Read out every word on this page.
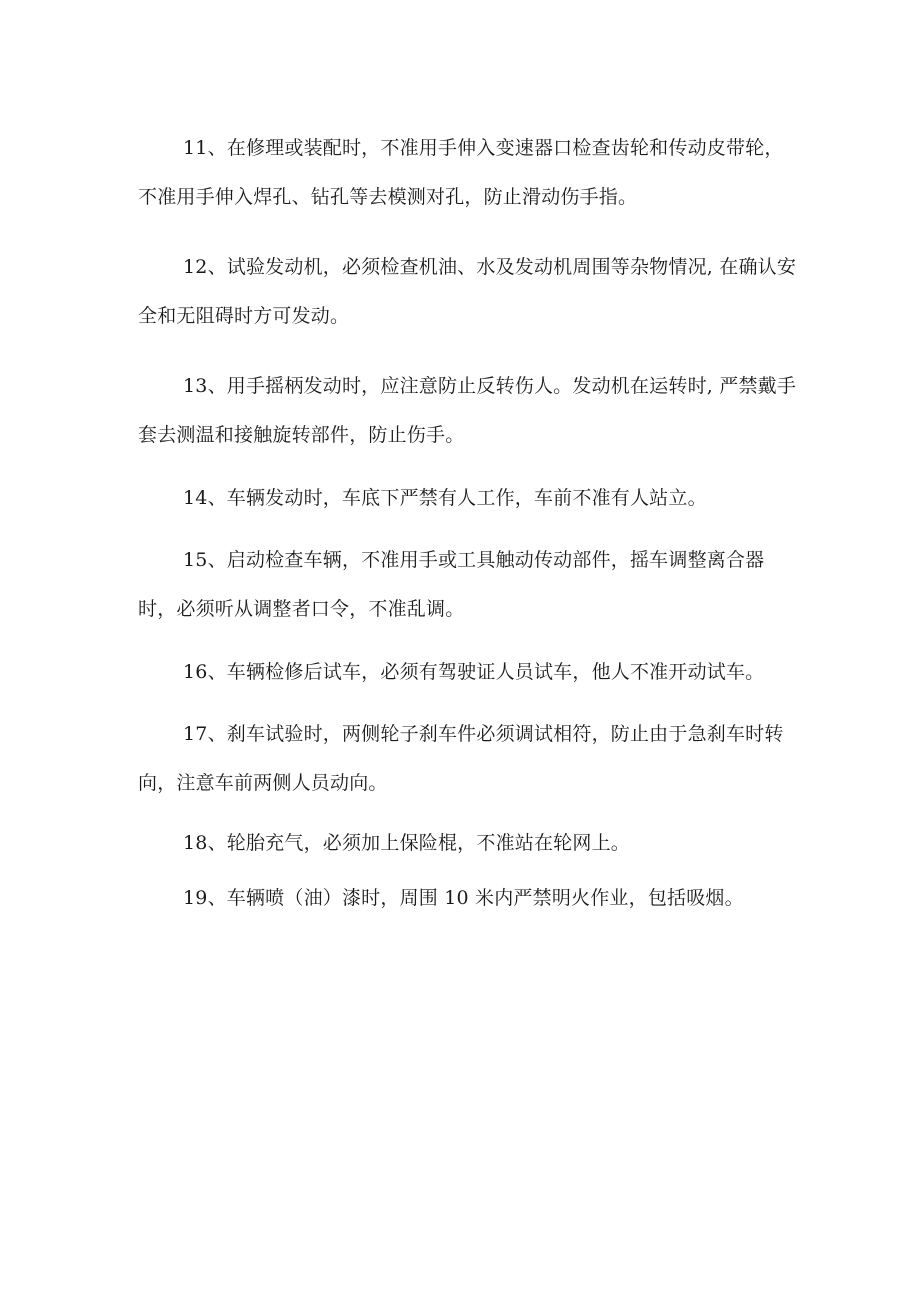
11、在修理或装配时，不准用手伸入变速器口检查齿轮和传动皮带轮，不准用手伸入焊孔、钻孔等去模测对孔，防止滑动伤手指。

12、试验发动机，必须检查机油、水及发动机周围等杂物情况, 在确认安全和无阻碍时方可发动。

13、用手摇柄发动时，应注意防止反转伤人。发动机在运转时, 严禁戴手套去测温和接触旋转部件，防止伤手。

14、车辆发动时，车底下严禁有人工作，车前不准有人站立。

15、启动检查车辆，不准用手或工具触动传动部件，摇车调整离合器时，必须听从调整者口令，不准乱调。

16、车辆检修后试车，必须有驾驶证人员试车，他人不准开动试车。

17、刹车试验时，两侧轮子刹车件必须调试相符，防止由于急刹车时转向，注意车前两侧人员动向。

18、轮胎充气，必须加上保险棍，不准站在轮网上。

19、车辆喷（油）漆时，周围 10 米内严禁明火作业，包括吸烟。
